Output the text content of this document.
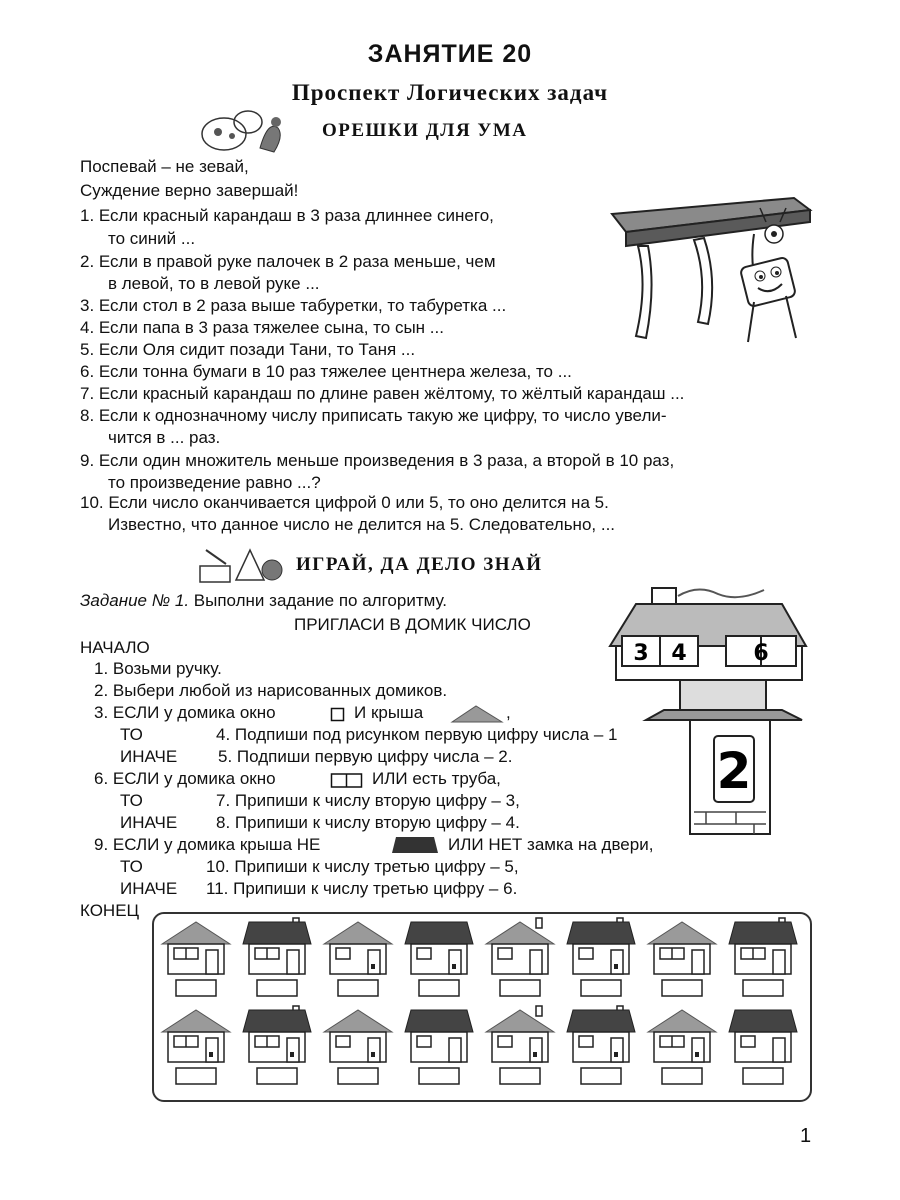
ЗАНЯТИЕ 20
Проспект Логических задач
ОРЕШКИ ДЛЯ УМА
Поспевай – не зевай,
Суждение верно завершай!
1. Если красный карандаш в 3 раза длиннее синего,
то синий ...
2. Если в правой руке палочек в 2 раза меньше, чем
в левой, то в левой руке ...
3. Если стол в 2 раза выше табуретки, то табуретка ...
4. Если папа в 3 раза тяжелее сына, то сын ...
5. Если Оля сидит позади Тани, то Таня ...
6. Если тонна бумаги в 10 раз тяжелее центнера железа, то ...
7. Если красный карандаш по длине равен жёлтому, то жёлтый карандаш ...
8. Если к однозначному числу приписать такую же цифру, то число увели-
чится в ... раз.
9. Если один множитель меньше произведения в 3 раза, а второй в 10 раз,
то произведение равно ...?
10. Если число оканчивается цифрой 0 или 5, то оно делится на 5.
Известно, что данное число не делится на 5. Следовательно, ...
ИГРАЙ, ДА ДЕЛО ЗНАЙ
Задание № 1. Выполни задание по алгоритму.
ПРИГЛАСИ В ДОМИК ЧИСЛО
НАЧАЛО
1. Возьми ручку.
2. Выбери любой из нарисованных домиков.
3. ЕСЛИ у домика окно	И крыша	,
ТО	4. Подпиши под рисунком первую цифру числа – 1
ИНАЧЕ 5. Подпиши первую цифру числа – 2.
6. ЕСЛИ у домика окно	ИЛИ есть труба,
ТО	7. Припиши к числу вторую цифру – 3,
ИНАЧЕ 8. Припиши к числу вторую цифру – 4.
9. ЕСЛИ у домика крыша НЕ	ИЛИ НЕТ замка на двери,
ТО	10. Припиши к числу третью цифру – 5,
ИНАЧЕ 11. Припиши к числу третью цифру – 6.
КОНЕЦ
3 4	6
2
1
